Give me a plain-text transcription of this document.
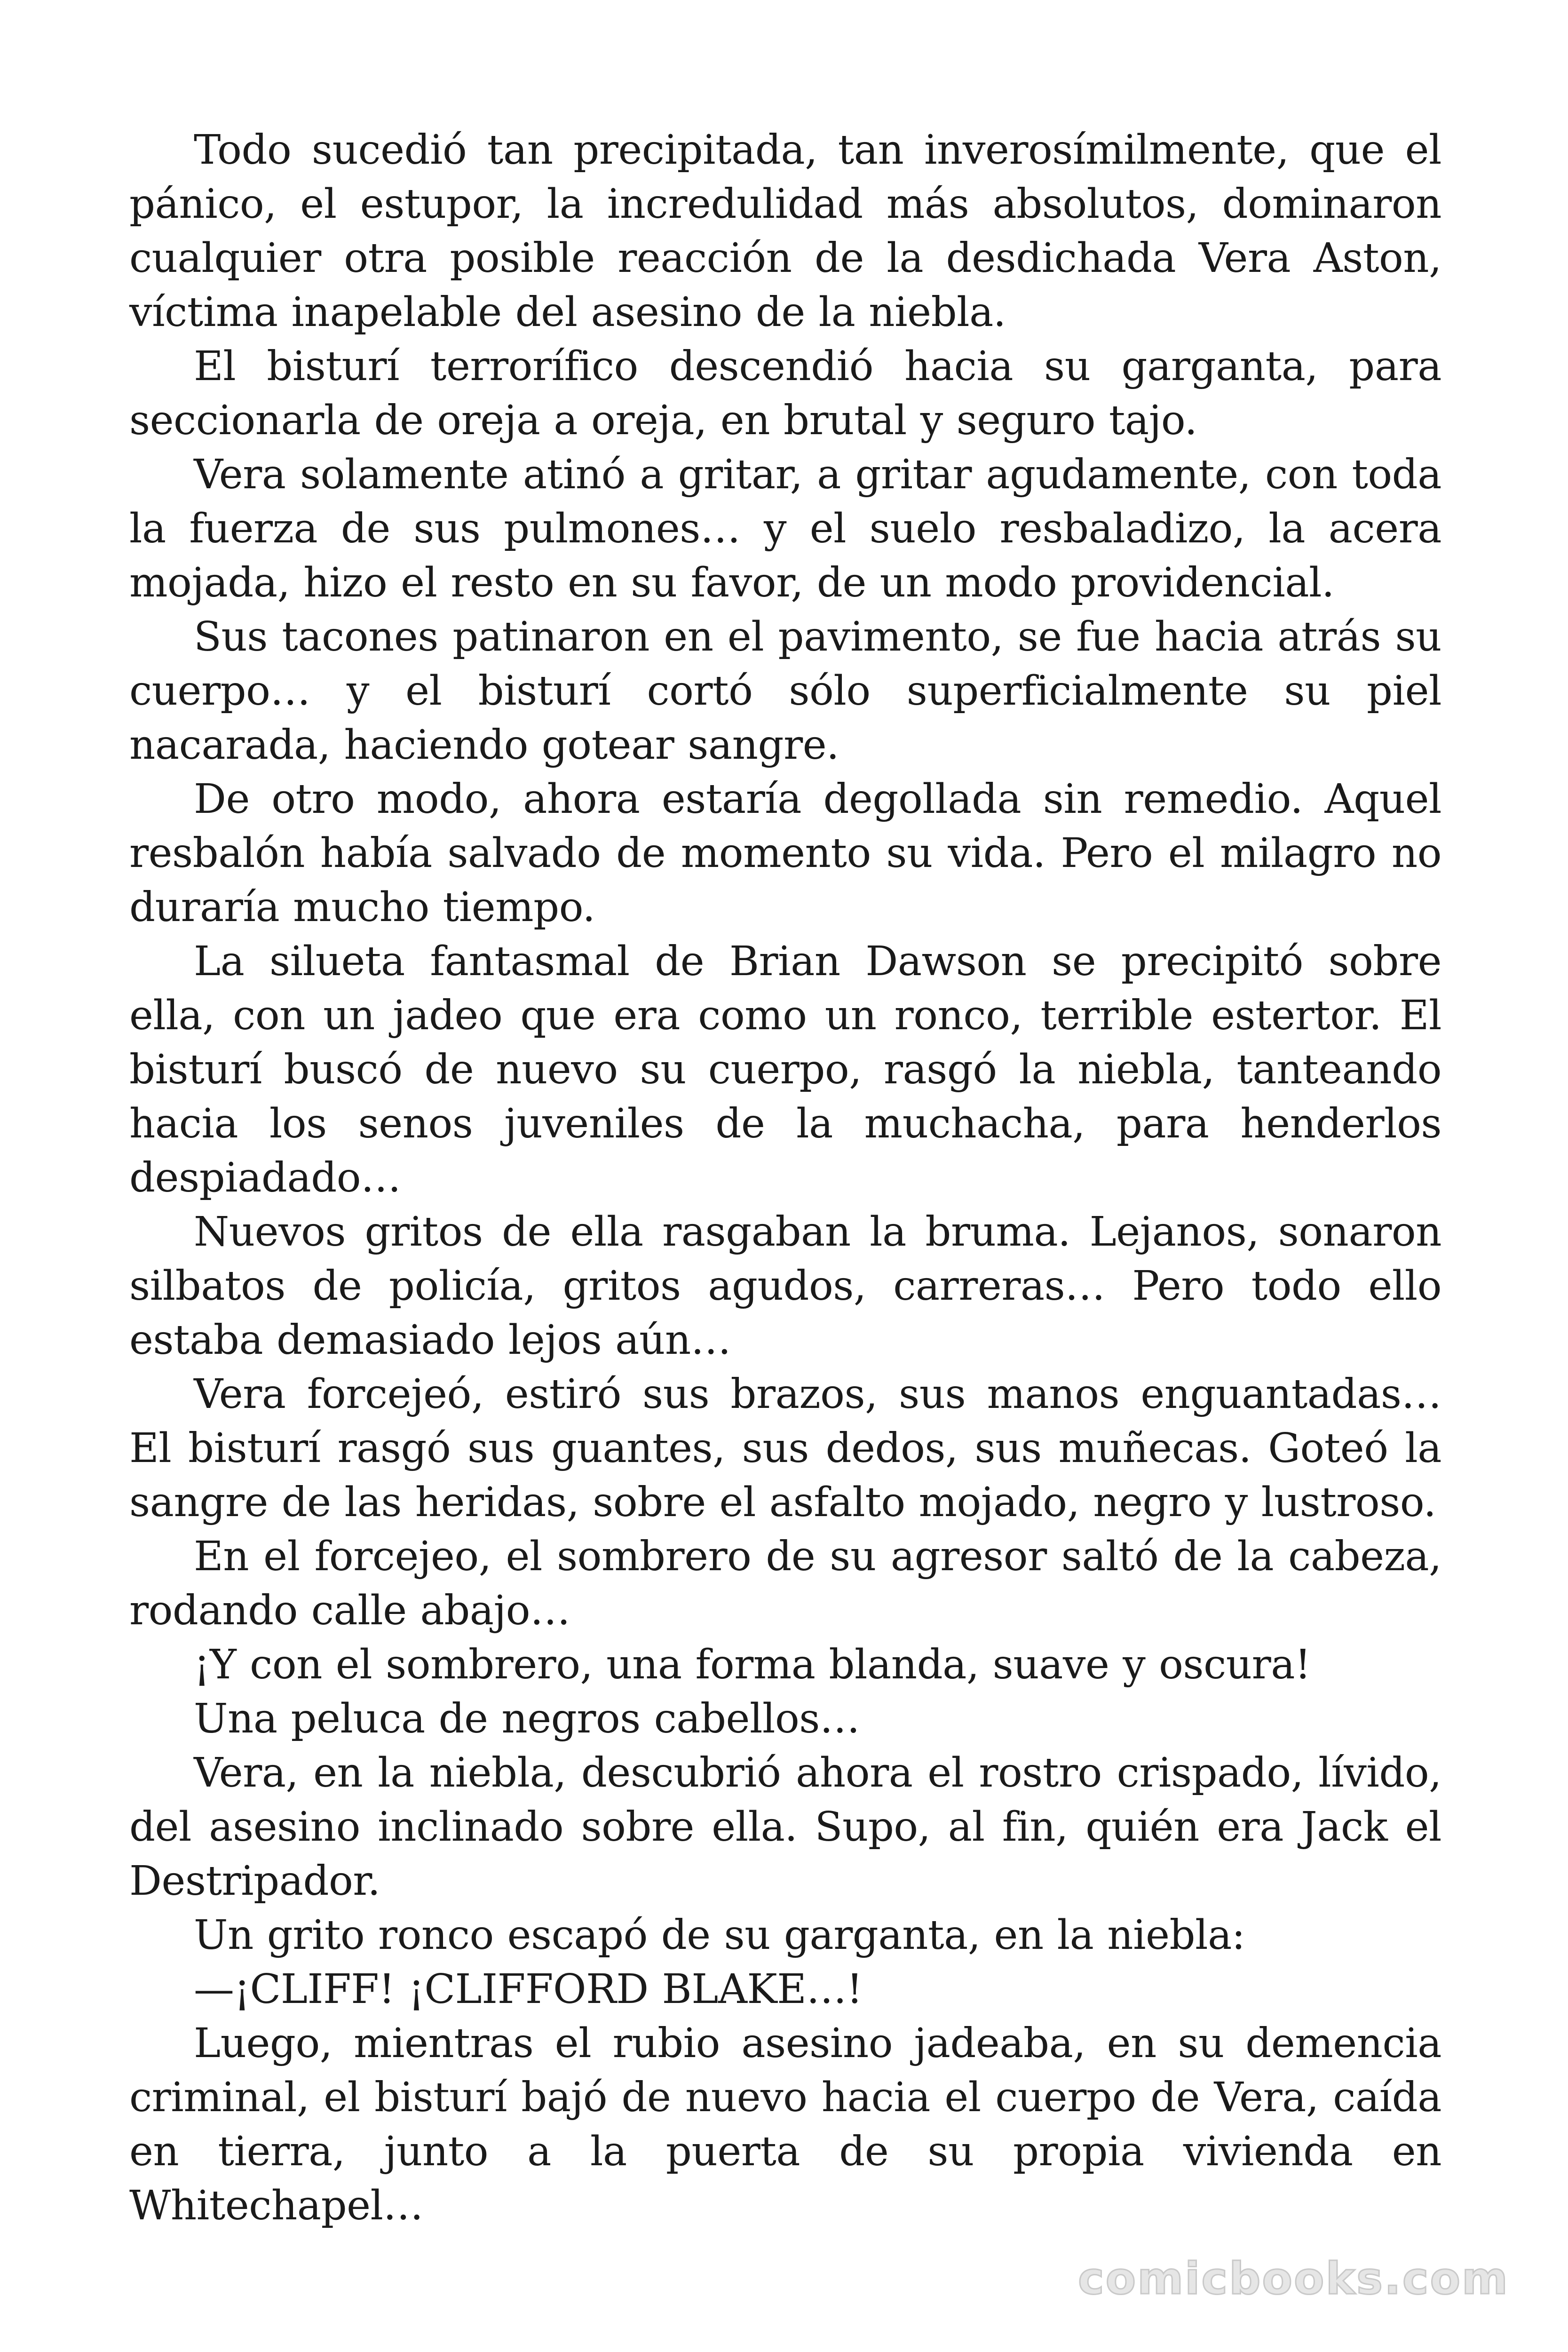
Todo sucedió tan precipitada, tan inverosímilmente, que el pánico, el estupor, la incredulidad más absolutos, dominaron cualquier otra posible reacción de la desdichada Vera Aston, víctima inapelable del asesino de la niebla.

El bisturí terrorífico descendió hacia su garganta, para seccionarla de oreja a oreja, en brutal y seguro tajo.

Vera solamente atinó a gritar, a gritar agudamente, con toda la fuerza de sus pulmones… y el suelo resbaladizo, la acera mojada, hizo el resto en su favor, de un modo providencial.

Sus tacones patinaron en el pavimento, se fue hacia atrás su cuerpo… y el bisturí cortó sólo superficialmente su piel nacarada, haciendo gotear sangre.

De otro modo, ahora estaría degollada sin remedio. Aquel resbalón había salvado de momento su vida. Pero el milagro no duraría mucho tiempo.

La silueta fantasmal de Brian Dawson se precipitó sobre ella, con un jadeo que era como un ronco, terrible estertor. El bisturí buscó de nuevo su cuerpo, rasgó la niebla, tanteando hacia los senos juveniles de la muchacha, para henderlos despiadado…

Nuevos gritos de ella rasgaban la bruma. Lejanos, sonaron silbatos de policía, gritos agudos, carreras… Pero todo ello estaba demasiado lejos aún…

Vera forcejeó, estiró sus brazos, sus manos enguantadas… El bisturí rasgó sus guantes, sus dedos, sus muñecas. Goteó la sangre de las heridas, sobre el asfalto mojado, negro y lustroso.

En el forcejeo, el sombrero de su agresor saltó de la cabeza, rodando calle abajo…

¡Y con el sombrero, una forma blanda, suave y oscura!

Una peluca de negros cabellos…

Vera, en la niebla, descubrió ahora el rostro crispado, lívido, del asesino inclinado sobre ella. Supo, al fin, quién era Jack el Destripador.

Un grito ronco escapó de su garganta, en la niebla:

—¡CLIFF! ¡CLIFFORD BLAKE…!

Luego, mientras el rubio asesino jadeaba, en su demencia criminal, el bisturí bajó de nuevo hacia el cuerpo de Vera, caída en tierra, junto a la puerta de su propia vivienda en Whitechapel…

comicbooks.com
